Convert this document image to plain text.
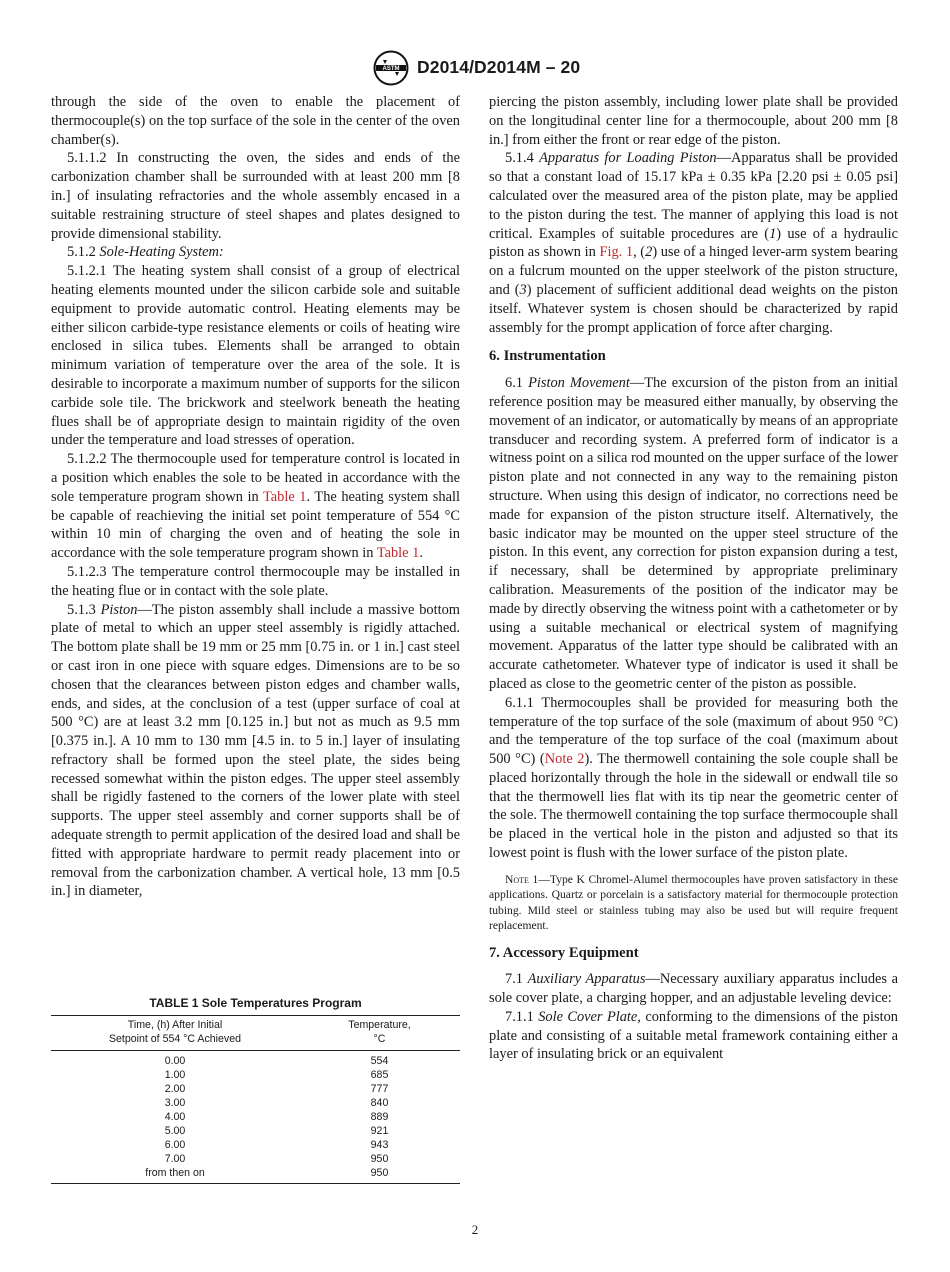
ASTM D2014/D2014M – 20

through the side of the oven to enable the placement of thermocouple(s) on the top surface of the sole in the center of the oven chamber(s).

5.1.1.2 In constructing the oven, the sides and ends of the carbonization chamber shall be surrounded with at least 200 mm [8 in.] of insulating refractories and the whole assembly encased in a suitable restraining structure of steel shapes and plates designed to provide dimensional stability.

5.1.2 Sole-Heating System:

5.1.2.1 The heating system shall consist of a group of electrical heating elements mounted under the silicon carbide sole and suitable equipment to provide automatic control. Heating elements may be either silicon carbide-type resistance elements or coils of heating wire enclosed in silica tubes. Elements shall be arranged to obtain minimum variation of temperature over the area of the sole. It is desirable to incorporate a maximum number of supports for the silicon carbide sole tile. The brickwork and steelwork beneath the heating flues shall be of appropriate design to maintain rigidity of the oven under the temperature and load stresses of operation.

5.1.2.2 The thermocouple used for temperature control is located in a position which enables the sole to be heated in accordance with the sole temperature program shown in Table 1. The heating system shall be capable of reachieving the initial set point temperature of 554 °C within 10 min of charging the oven and of heating the sole in accordance with the sole temperature program shown in Table 1.

5.1.2.3 The temperature control thermocouple may be installed in the heating flue or in contact with the sole plate.

5.1.3 Piston—The piston assembly shall include a massive bottom plate of metal to which an upper steel assembly is rigidly attached. The bottom plate shall be 19 mm or 25 mm [0.75 in. or 1 in.] cast steel or cast iron in one piece with square edges. Dimensions are to be so chosen that the clearances between piston edges and chamber walls, ends, and sides, at the conclusion of a test (upper surface of coal at 500 °C) are at least 3.2 mm [0.125 in.] but not as much as 9.5 mm [0.375 in.]. A 10 mm to 130 mm [4.5 in. to 5 in.] layer of insulating refractory shall be formed upon the steel plate, the sides being recessed somewhat within the piston edges. The upper steel assembly shall be rigidly fastened to the corners of the lower plate with steel supports. The upper steel assembly and corner supports shall be of adequate strength to permit application of the desired load and shall be fitted with appropriate hardware to permit ready placement into or removal from the carbonization chamber. A vertical hole, 13 mm [0.5 in.] in diameter,

TABLE 1 Sole Temperatures Program
Time, (h) After Initial
Setpoint of 554 °C Achieved	Temperature,
°C
0.00	554
1.00	685
2.00	777
3.00	840
4.00	889
5.00	921
6.00	943
7.00	950
from then on	950

piercing the piston assembly, including lower plate shall be provided on the longitudinal center line for a thermocouple, about 200 mm [8 in.] from either the front or rear edge of the piston.

5.1.4 Apparatus for Loading Piston—Apparatus shall be provided so that a constant load of 15.17 kPa ± 0.35 kPa [2.20 psi ± 0.05 psi] calculated over the measured area of the piston plate, may be applied to the piston during the test. The manner of applying this load is not critical. Examples of suitable procedures are (1) use of a hydraulic piston as shown in Fig. 1, (2) use of a hinged lever-arm system bearing on a fulcrum mounted on the upper steelwork of the piston structure, and (3) placement of sufficient additional dead weights on the piston itself. Whatever system is chosen should be characterized by rapid assembly for the prompt application of force after charging.

6. Instrumentation

6.1 Piston Movement—The excursion of the piston from an initial reference position may be measured either manually, by observing the movement of an indicator, or automatically by means of an appropriate transducer and recording system. A preferred form of indicator is a witness point on a silica rod mounted on the upper surface of the lower piston plate and not connected in any way to the remaining piston structure. When using this design of indicator, no corrections need be made for expansion of the piston structure itself. Alternatively, the basic indicator may be mounted on the upper steel structure of the piston. In this event, any correction for piston expansion during a test, if necessary, shall be determined by appropriate preliminary calibration. Measurements of the position of the indicator may be made by directly observing the witness point with a cathetometer or by using a suitable mechanical or electrical system of magnifying movement. Apparatus of the latter type should be calibrated with an accurate cathetometer. Whatever type of indicator is used it shall be placed as close to the geometric center of the piston as possible.

6.1.1 Thermocouples shall be provided for measuring both the temperature of the top surface of the sole (maximum of about 950 °C) and the temperature of the top surface of the coal (maximum about 500 °C) (Note 2). The thermowell containing the sole couple shall be placed horizontally through the hole in the sidewall or endwall tile so that the thermowell lies flat with its tip near the geometric center of the sole. The thermowell containing the top surface thermocouple shall be placed in the vertical hole in the piston and adjusted so that its lowest point is flush with the lower surface of the piston plate.

Note 1—Type K Chromel-Alumel thermocouples have proven satisfactory in these applications. Quartz or porcelain is a satisfactory material for thermocouple protection tubing. Mild steel or stainless tubing may also be used but will require frequent replacement.

7. Accessory Equipment

7.1 Auxiliary Apparatus—Necessary auxiliary apparatus includes a sole cover plate, a charging hopper, and an adjustable leveling device:

7.1.1 Sole Cover Plate, conforming to the dimensions of the piston plate and consisting of a suitable metal framework containing either a layer of insulating brick or an equivalent

2
